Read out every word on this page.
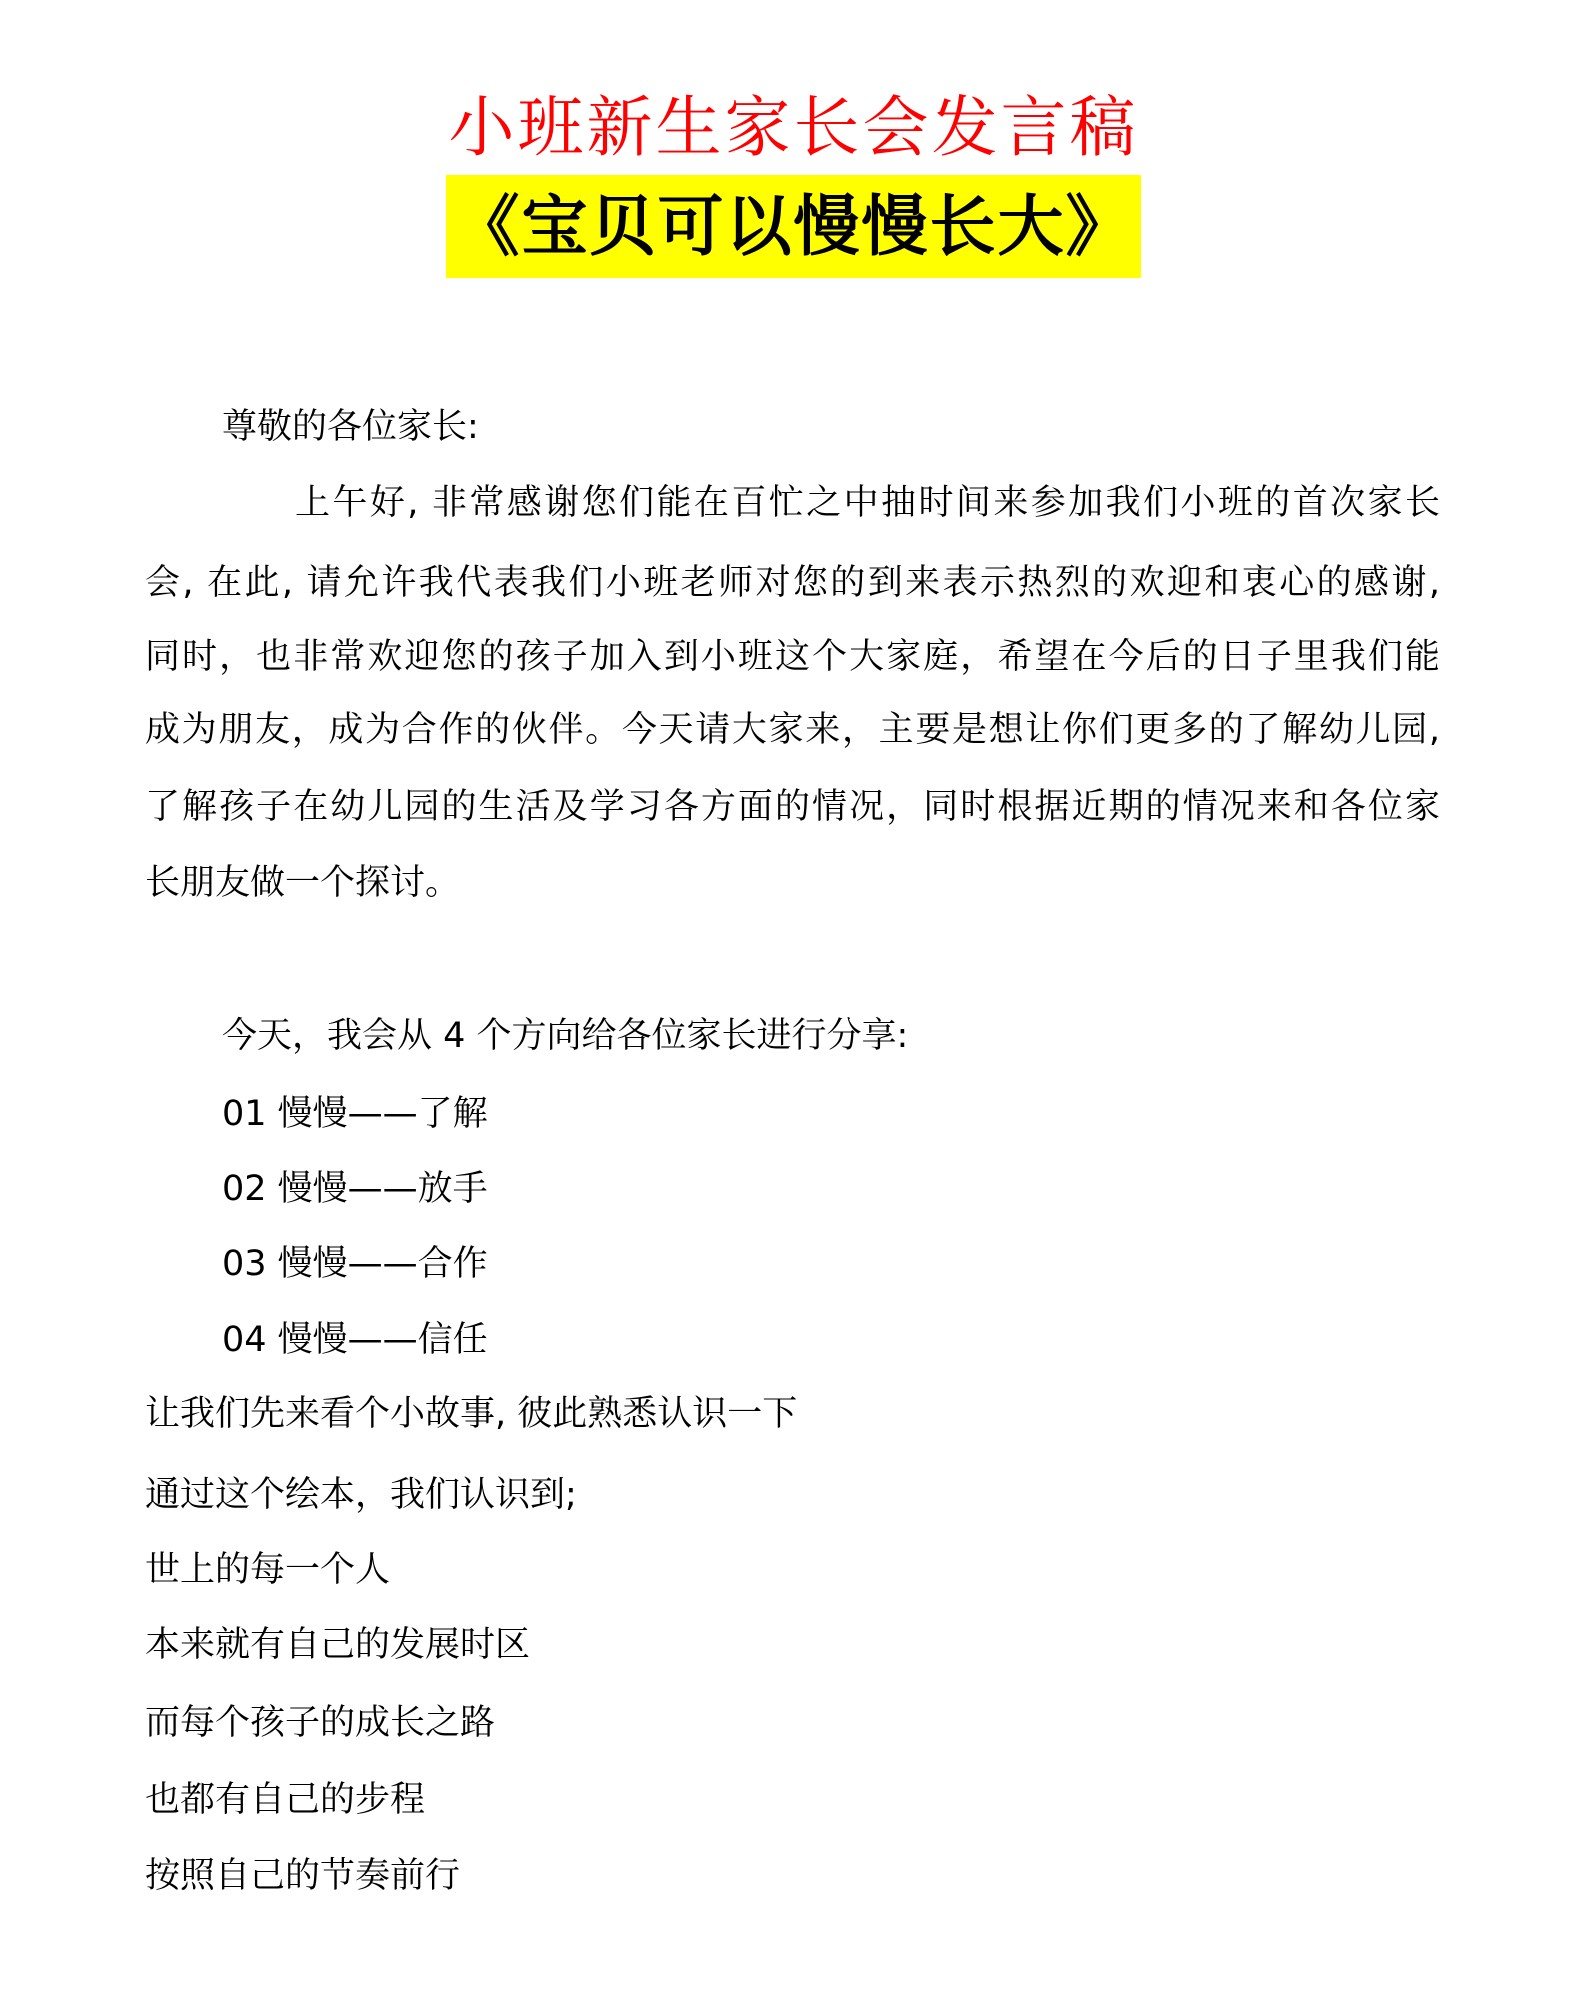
小班新生家长会发言稿
《宝贝可以慢慢长大》
尊敬的各位家长:
上午好, 非常感谢您们能在百忙之中抽时间来参加我们小班的首次家长
会, 在此, 请允许我代表我们小班老师对您的到来表示热烈的欢迎和衷心的感谢,
同时，也非常欢迎您的孩子加入到小班这个大家庭，希望在今后的日子里我们能
成为朋友，成为合作的伙伴。今天请大家来，主要是想让你们更多的了解幼儿园,
了解孩子在幼儿园的生活及学习各方面的情况，同时根据近期的情况来和各位家
长朋友做一个探讨。
今天，我会从 4 个方向给各位家长进行分享:
01 慢慢——了解
02 慢慢——放手
03 慢慢——合作
04 慢慢——信任
让我们先来看个小故事, 彼此熟悉认识一下
通过这个绘本，我们认识到;
世上的每一个人
本来就有自己的发展时区
而每个孩子的成长之路
也都有自己的步程
按照自己的节奏前行
